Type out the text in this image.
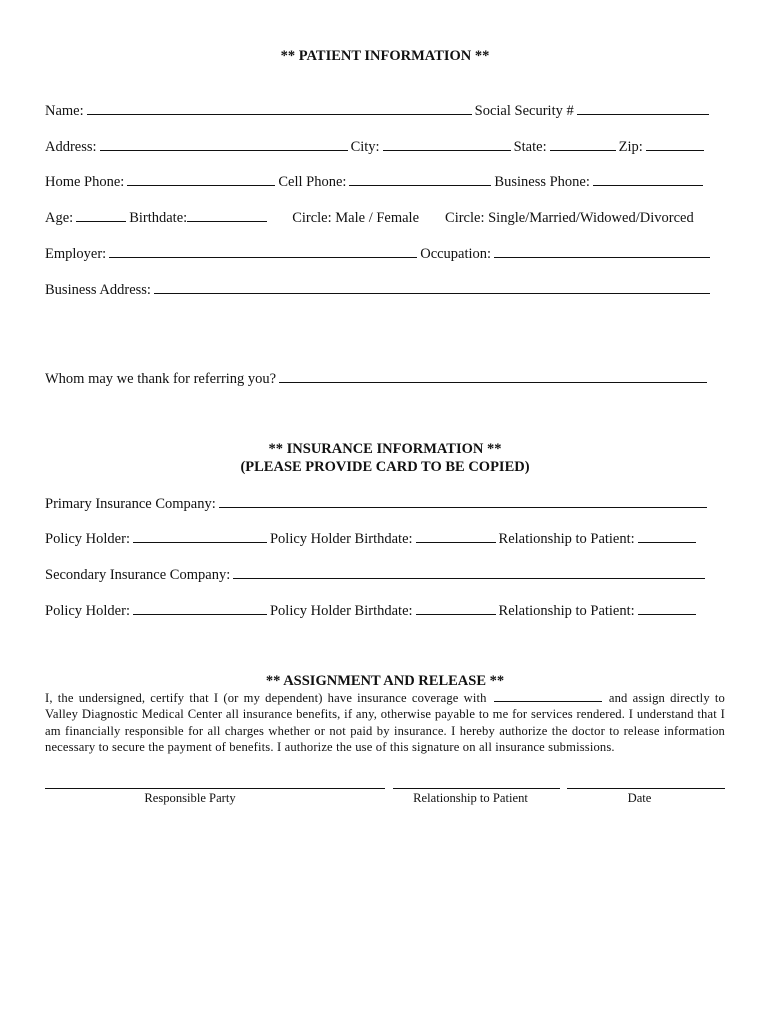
** PATIENT INFORMATION **
Name:	Social Security #
Address:	City:	State:	Zip:
Home Phone:	Cell Phone:	Business Phone:
Age:	Birthdate:	Circle: Male / Female Circle: Single/Married/Widowed/Divorced
Employer:	Occupation:
Business Address:
Whom may we thank for referring you?
** INSURANCE INFORMATION **
(PLEASE PROVIDE CARD TO BE COPIED)
Primary Insurance Company:
Policy Holder:	Policy Holder Birthdate:	Relationship to Patient:
Secondary Insurance Company:
Policy Holder:	Policy Holder Birthdate:	Relationship to Patient:
** ASSIGNMENT AND RELEASE **
I, the undersigned, certify that I (or my dependent) have insurance coverage with	and assign directly to Valley Diagnostic Medical Center all insurance benefits, if any, otherwise payable to me for services rendered. I understand that I am financially responsible for all charges whether or not paid by insurance. I hereby authorize the doctor to release information necessary to secure the payment of benefits. I authorize the use of this signature on all insurance submissions.
Responsible Party	Relationship to Patient	Date
